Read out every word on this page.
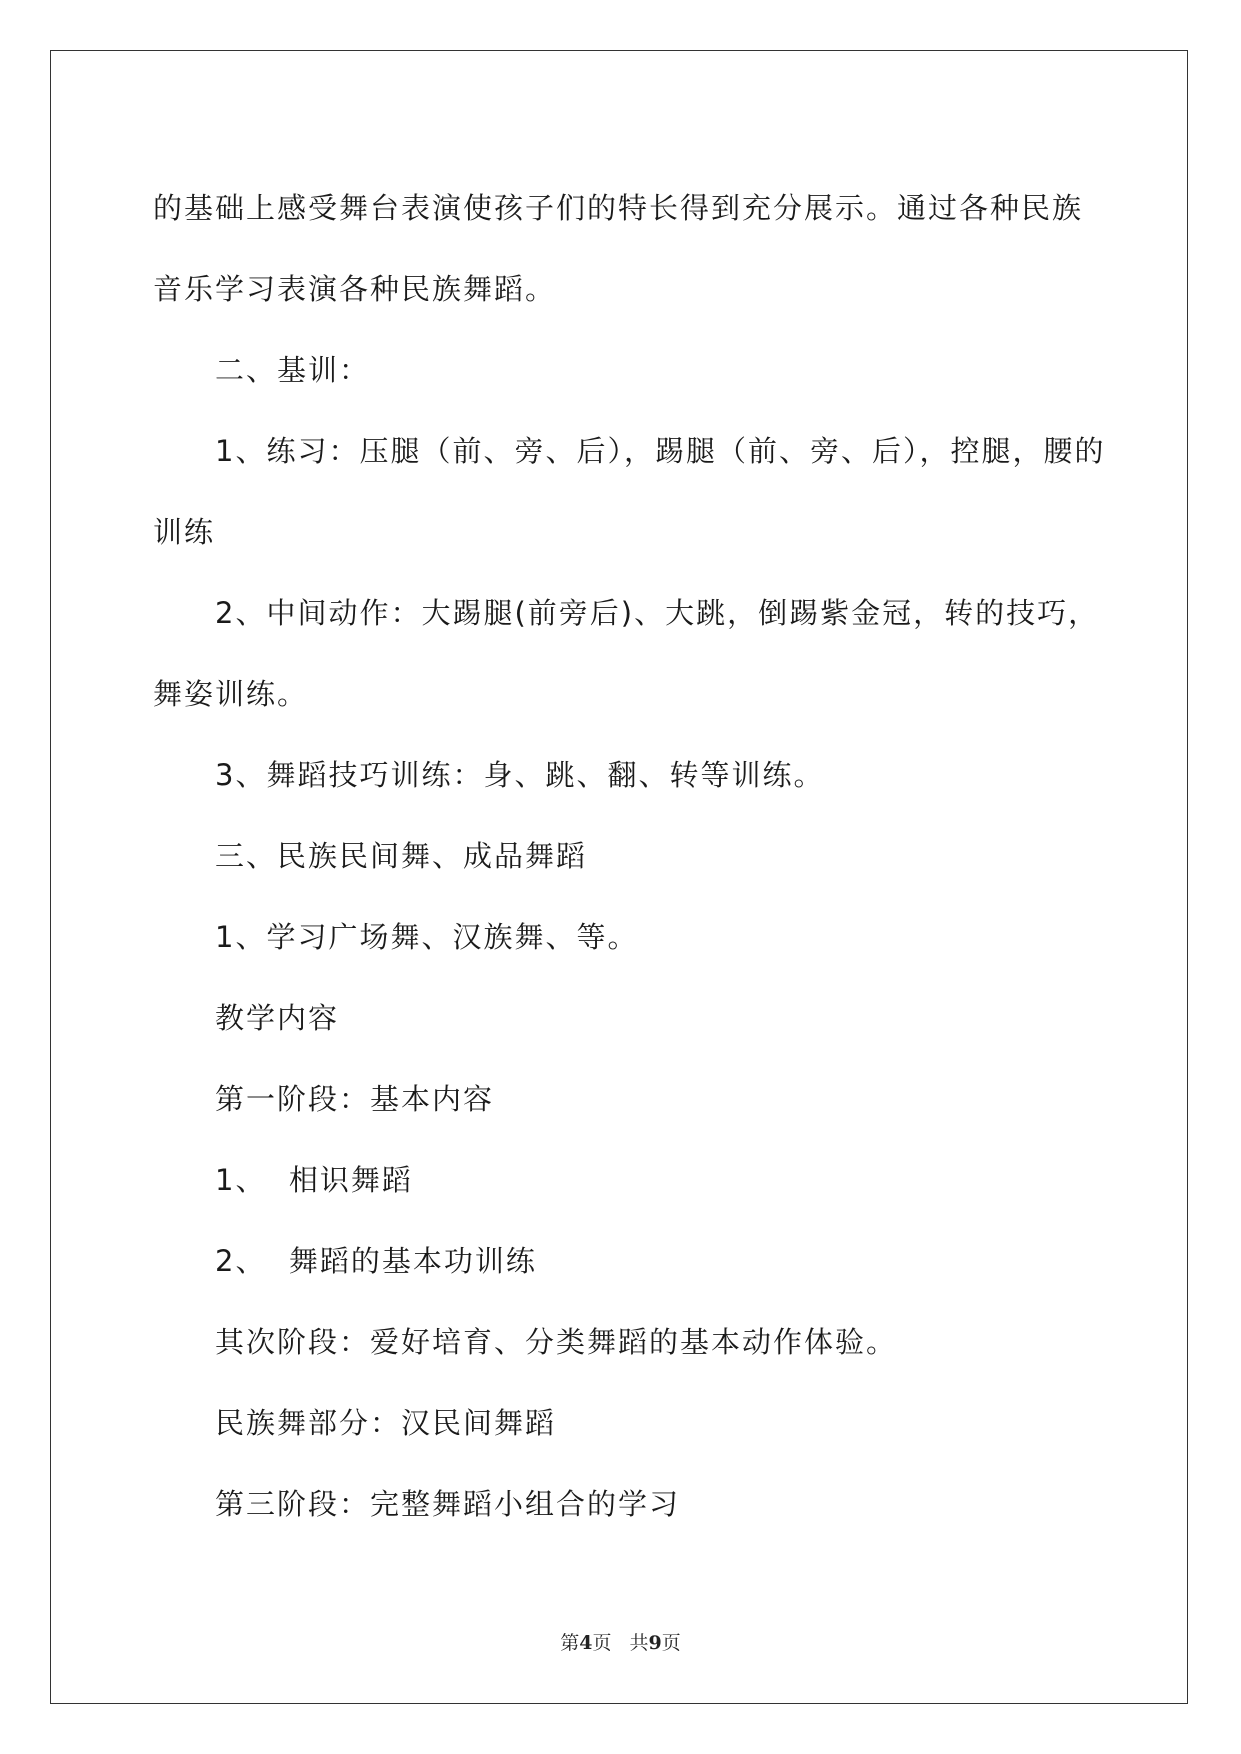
的基础上感受舞台表演使孩子们的特长得到充分展示。通过各种民族音乐学习表演各种民族舞蹈。

二、基训：

1、练习：压腿（前、旁、后），踢腿（前、旁、后），控腿，腰的训练

2、中间动作：大踢腿(前旁后)、大跳，倒踢紫金冠，转的技巧，舞姿训练。

3、舞蹈技巧训练：身、跳、翻、转等训练。

三、民族民间舞、成品舞蹈

1、学习广场舞、汉族舞、等。

教学内容

第一阶段：基本内容

1、  相识舞蹈

2、  舞蹈的基本功训练

其次阶段：爱好培育、分类舞蹈的基本动作体验。

民族舞部分：汉民间舞蹈

第三阶段：完整舞蹈小组合的学习

第4页 共9页
